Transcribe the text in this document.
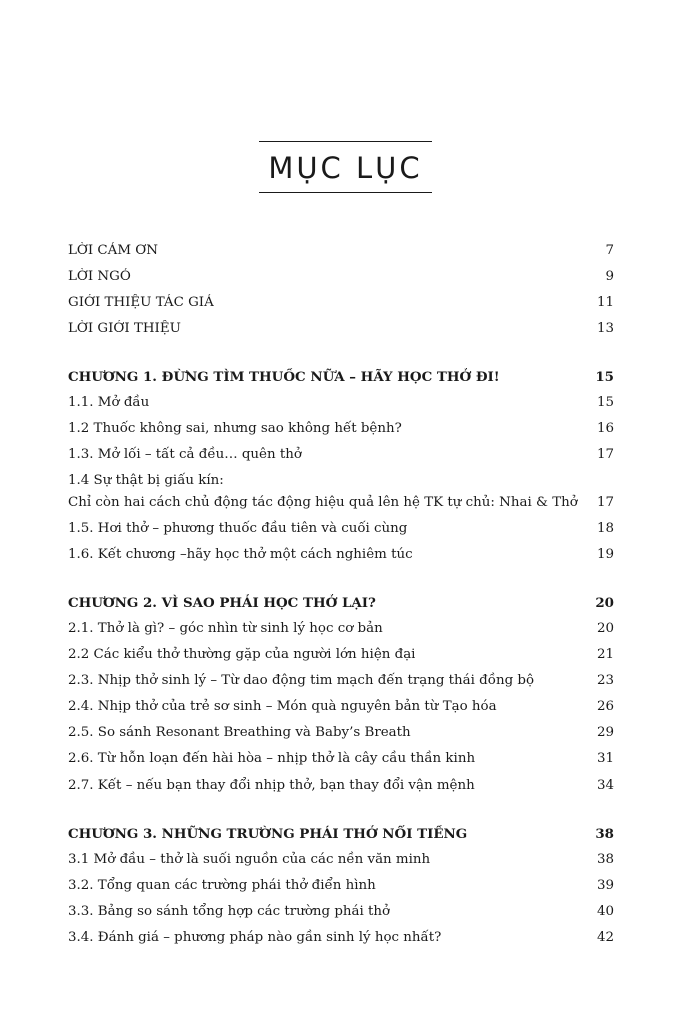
MỤC LỤC
LỜI CẢM ƠN	7
LỜI NGỎ	9
GIỚI THIỆU TÁC GIẢ	11
LỜI GIỚI THIỆU	13
CHƯƠNG 1. ĐỪNG TÌM THUỐC NỮA – HÃY HỌC THỞ ĐI!	15
1.1. Mở đầu	15
1.2 Thuốc không sai, nhưng sao không hết bệnh?	16
1.3. Mở lối – tất cả đều… quên thở	17
1.4 Sự thật bị giấu kín:
Chỉ còn hai cách chủ động tác động hiệu quả lên hệ TK tự chủ: Nhai & Thở	17
1.5. Hơi thở – phương thuốc đầu tiên và cuối cùng	18
1.6. Kết chương –hãy học thở một cách nghiêm túc	19
CHƯƠNG 2. VÌ SAO PHẢI HỌC THỞ LẠI?	20
2.1. Thở là gì? – góc nhìn từ sinh lý học cơ bản	20
2.2 Các kiểu thở thường gặp của người lớn hiện đại	21
2.3. Nhịp thở sinh lý – Từ dao động tim mạch đến trạng thái đồng bộ	23
2.4. Nhịp thở của trẻ sơ sinh – Món quà nguyên bản từ Tạo hóa	26
2.5. So sánh Resonant Breathing và Baby’s Breath	29
2.6. Từ hỗn loạn đến hài hòa – nhịp thở là cây cầu thần kinh	31
2.7. Kết – nếu bạn thay đổi nhịp thở, bạn thay đổi vận mệnh	34
CHƯƠNG 3. NHỮNG TRƯỜNG PHÁI THỞ NỔI TIẾNG	38
3.1 Mở đầu – thở là suối nguồn của các nền văn minh	38
3.2. Tổng quan các trường phái thở điển hình	39
3.3. Bảng so sánh tổng hợp các trường phái thở	40
3.4. Đánh giá – phương pháp nào gần sinh lý học nhất?	42
